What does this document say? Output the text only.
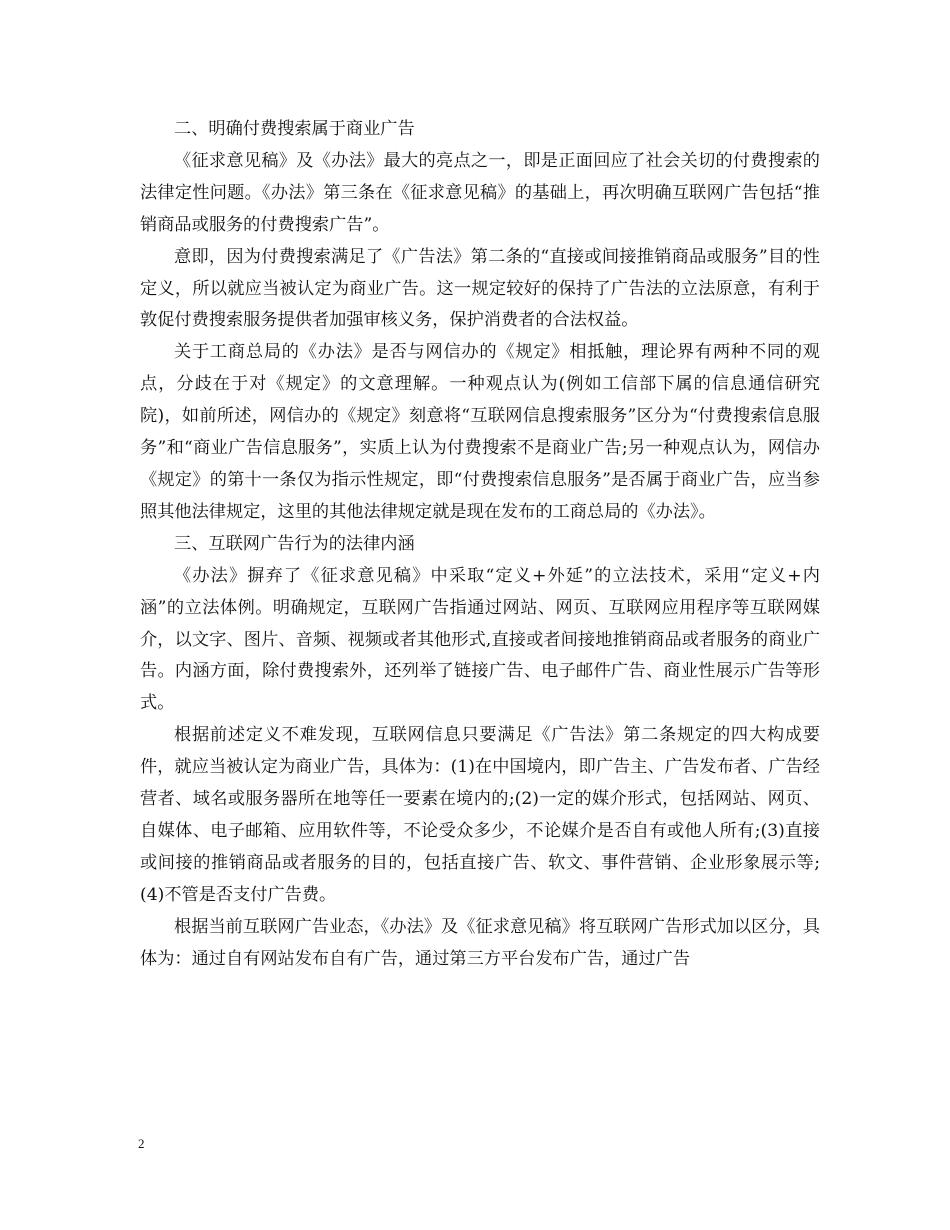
二、明确付费搜索属于商业广告

《征求意见稿》及《办法》最大的亮点之一，即是正面回应了社会关切的付费搜索的法律定性问题。《办法》第三条在《征求意见稿》的基础上，再次明确互联网广告包括“推销商品或服务的付费搜索广告”。

意即，因为付费搜索满足了《广告法》第二条的“直接或间接推销商品或服务”目的性定义，所以就应当被认定为商业广告。这一规定较好的保持了广告法的立法原意，有利于敦促付费搜索服务提供者加强审核义务，保护消费者的合法权益。

关于工商总局的《办法》是否与网信办的《规定》相抵触，理论界有两种不同的观点，分歧在于对《规定》的文意理解。一种观点认为(例如工信部下属的信息通信研究院)，如前所述，网信办的《规定》刻意将“互联网信息搜索服务”区分为“付费搜索信息服务”和“商业广告信息服务”，实质上认为付费搜索不是商业广告;另一种观点认为，网信办《规定》的第十一条仅为指示性规定，即“付费搜索信息服务”是否属于商业广告，应当参照其他法律规定，这里的其他法律规定就是现在发布的工商总局的《办法》。

三、互联网广告行为的法律内涵

《办法》摒弃了《征求意见稿》中采取“定义+外延”的立法技术，采用“定义+内涵”的立法体例。明确规定，互联网广告指通过网站、网页、互联网应用程序等互联网媒介，以文字、图片、音频、视频或者其他形式,直接或者间接地推销商品或者服务的商业广告。内涵方面，除付费搜索外，还列举了链接广告、电子邮件广告、商业性展示广告等形式。

根据前述定义不难发现，互联网信息只要满足《广告法》第二条规定的四大构成要件，就应当被认定为商业广告，具体为：(1)在中国境内，即广告主、广告发布者、广告经营者、域名或服务器所在地等任一要素在境内的;(2)一定的媒介形式，包括网站、网页、自媒体、电子邮箱、应用软件等，不论受众多少，不论媒介是否自有或他人所有;(3)直接或间接的推销商品或者服务的目的，包括直接广告、软文、事件营销、企业形象展示等;(4)不管是否支付广告费。

根据当前互联网广告业态，《办法》及《征求意见稿》将互联网广告形式加以区分，具体为：通过自有网站发布自有广告，通过第三方平台发布广告，通过广告

2
